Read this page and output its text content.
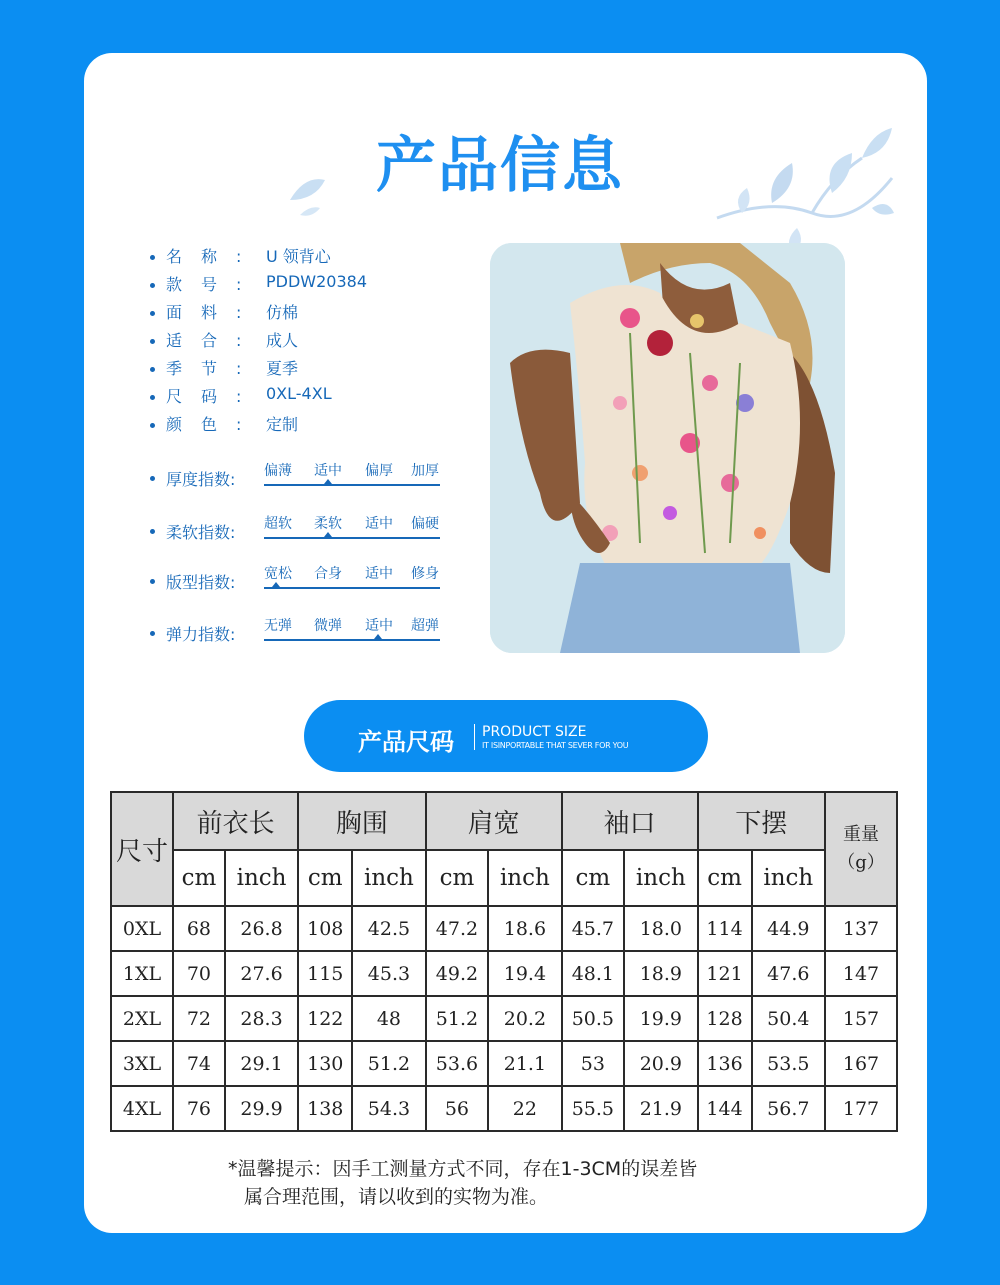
产品信息
名称: U 领背心
款号: PDDW20384
面料: 仿棉
适合: 成人
季节: 夏季
尺码: 0XL-4XL
颜色: 定制
厚度指数:	偏薄	适中	偏厚	加厚
柔软指数:	超软	柔软	适中	偏硬
版型指数:	宽松	合身	适中	修身
弹力指数:	无弹	微弹	适中	超弹
产品尺码 PRODUCT SIZE
IT ISINPORTABLE THAT SEVER FOR YOU
尺寸	前衣长		胸围		肩宽		袖口		下摆		重量（g）
	cm	inch	cm	inch	cm	inch	cm	inch	cm	inch	
0XL	68	26.8	108	42.5	47.2	18.6	45.7	18.0	114	44.9	137
1XL	70	27.6	115	45.3	49.2	19.4	48.1	18.9	121	47.6	147
2XL	72	28.3	122	48	51.2	20.2	50.5	19.9	128	50.4	157
3XL	74	29.1	130	51.2	53.6	21.1	53	20.9	136	53.5	167
4XL	76	29.9	138	54.3	56	22	55.5	21.9	144	56.7	177
*温馨提示：因手工测量方式不同，存在1-3CM的误差皆
属合理范围，请以收到的实物为准。
